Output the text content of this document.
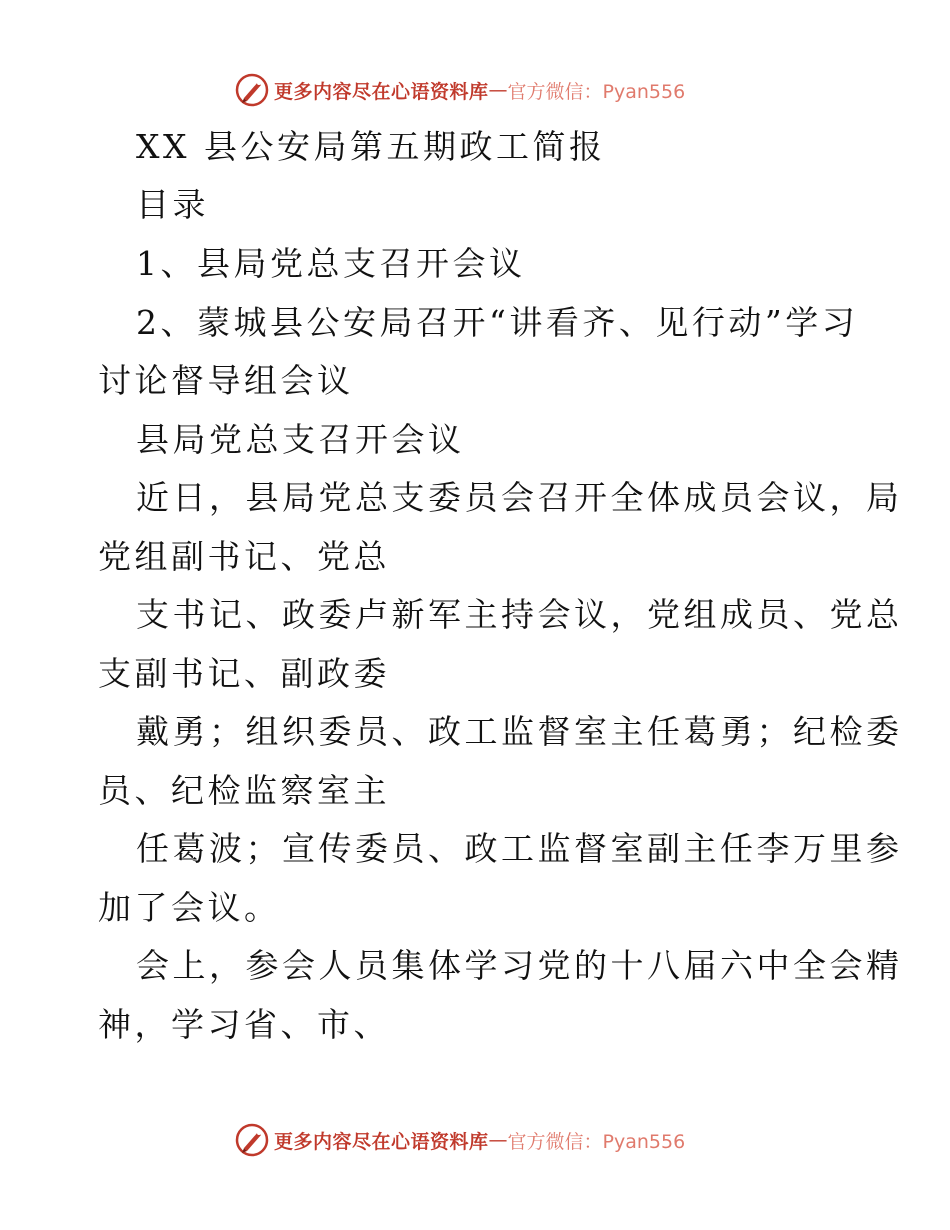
更多内容尽在心语资料库 — 官方微信：Pyan556
XX 县公安局第五期政工简报
目录
1、县局党总支召开会议
2、蒙城县公安局召开“讲看齐、见行动”学习
讨论督导组会议
县局党总支召开会议
近日，县局党总支委员会召开全体成员会议，局
党组副书记、党总
支书记、政委卢新军主持会议，党组成员、党总
支副书记、副政委
戴勇；组织委员、政工监督室主任葛勇；纪检委
员、纪检监察室主
任葛波；宣传委员、政工监督室副主任李万里参
加了会议。
会上，参会人员集体学习党的十八届六中全会精
神，学习省、市、
更多内容尽在心语资料库 — 官方微信：Pyan556
